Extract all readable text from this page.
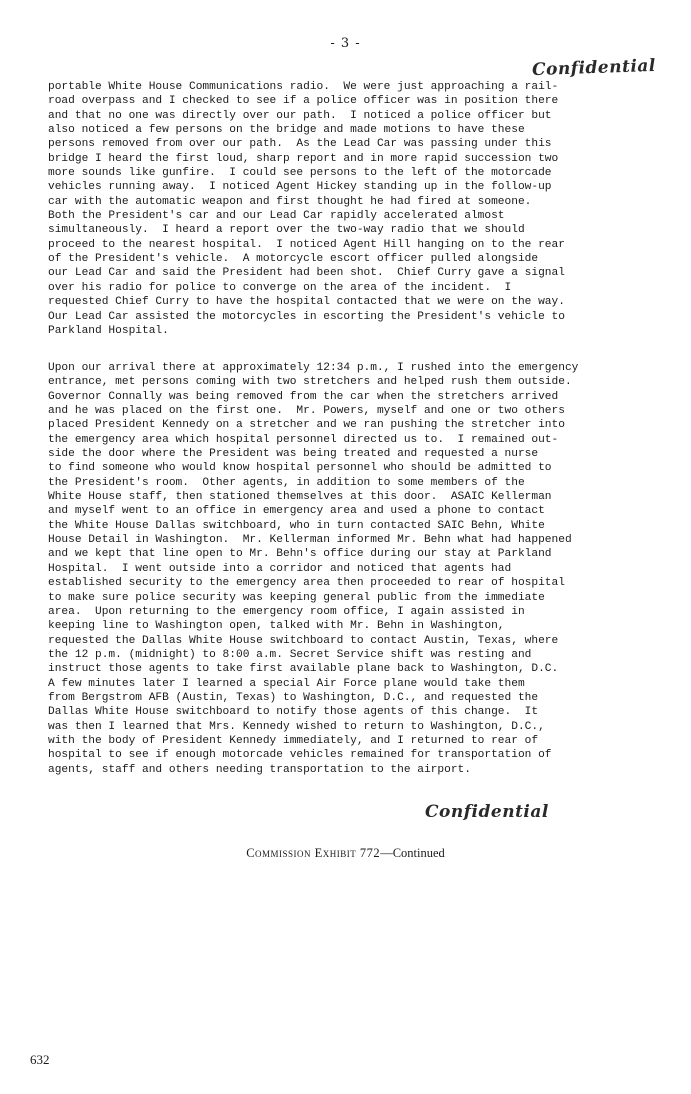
- 3 -
Confidential

portable White House Communications radio.  We were just approaching a rail-
road overpass and I checked to see if a police officer was in position there
and that no one was directly over our path.  I noticed a police officer but
also noticed a few persons on the bridge and made motions to have these
persons removed from over our path.  As the Lead Car was passing under this
bridge I heard the first loud, sharp report and in more rapid succession two
more sounds like gunfire.  I could see persons to the left of the motorcade
vehicles running away.  I noticed Agent Hickey standing up in the follow-up
car with the automatic weapon and first thought he had fired at someone.
Both the President's car and our Lead Car rapidly accelerated almost
simultaneously.  I heard a report over the two-way radio that we should
proceed to the nearest hospital.  I noticed Agent Hill hanging on to the rear
of the President's vehicle.  A motorcycle escort officer pulled alongside
our Lead Car and said the President had been shot.  Chief Curry gave a signal
over his radio for police to converge on the area of the incident.  I
requested Chief Curry to have the hospital contacted that we were on the way.
Our Lead Car assisted the motorcycles in escorting the President's vehicle to
Parkland Hospital.

Upon our arrival there at approximately 12:34 p.m., I rushed into the emergency
entrance, met persons coming with two stretchers and helped rush them outside.
Governor Connally was being removed from the car when the stretchers arrived
and he was placed on the first one.  Mr. Powers, myself and one or two others
placed President Kennedy on a stretcher and we ran pushing the stretcher into
the emergency area which hospital personnel directed us to.  I remained out-
side the door where the President was being treated and requested a nurse
to find someone who would know hospital personnel who should be admitted to
the President's room.  Other agents, in addition to some members of the
White House staff, then stationed themselves at this door.  ASAIC Kellerman
and myself went to an office in emergency area and used a phone to contact
the White House Dallas switchboard, who in turn contacted SAIC Behn, White
House Detail in Washington.  Mr. Kellerman informed Mr. Behn what had happened
and we kept that line open to Mr. Behn's office during our stay at Parkland
Hospital.  I went outside into a corridor and noticed that agents had
established security to the emergency area then proceeded to rear of hospital
to make sure police security was keeping general public from the immediate
area.  Upon returning to the emergency room office, I again assisted in
keeping line to Washington open, talked with Mr. Behn in Washington,
requested the Dallas White House switchboard to contact Austin, Texas, where
the 12 p.m. (midnight) to 8:00 a.m. Secret Service shift was resting and
instruct those agents to take first available plane back to Washington, D.C.
A few minutes later I learned a special Air Force plane would take them
from Bergstrom AFB (Austin, Texas) to Washington, D.C., and requested the
Dallas White House switchboard to notify those agents of this change.  It
was then I learned that Mrs. Kennedy wished to return to Washington, D.C.,
with the body of President Kennedy immediately, and I returned to rear of
hospital to see if enough motorcade vehicles remained for transportation of
agents, staff and others needing transportation to the airport.

Confidential
Commission Exhibit 772—Continued
632
